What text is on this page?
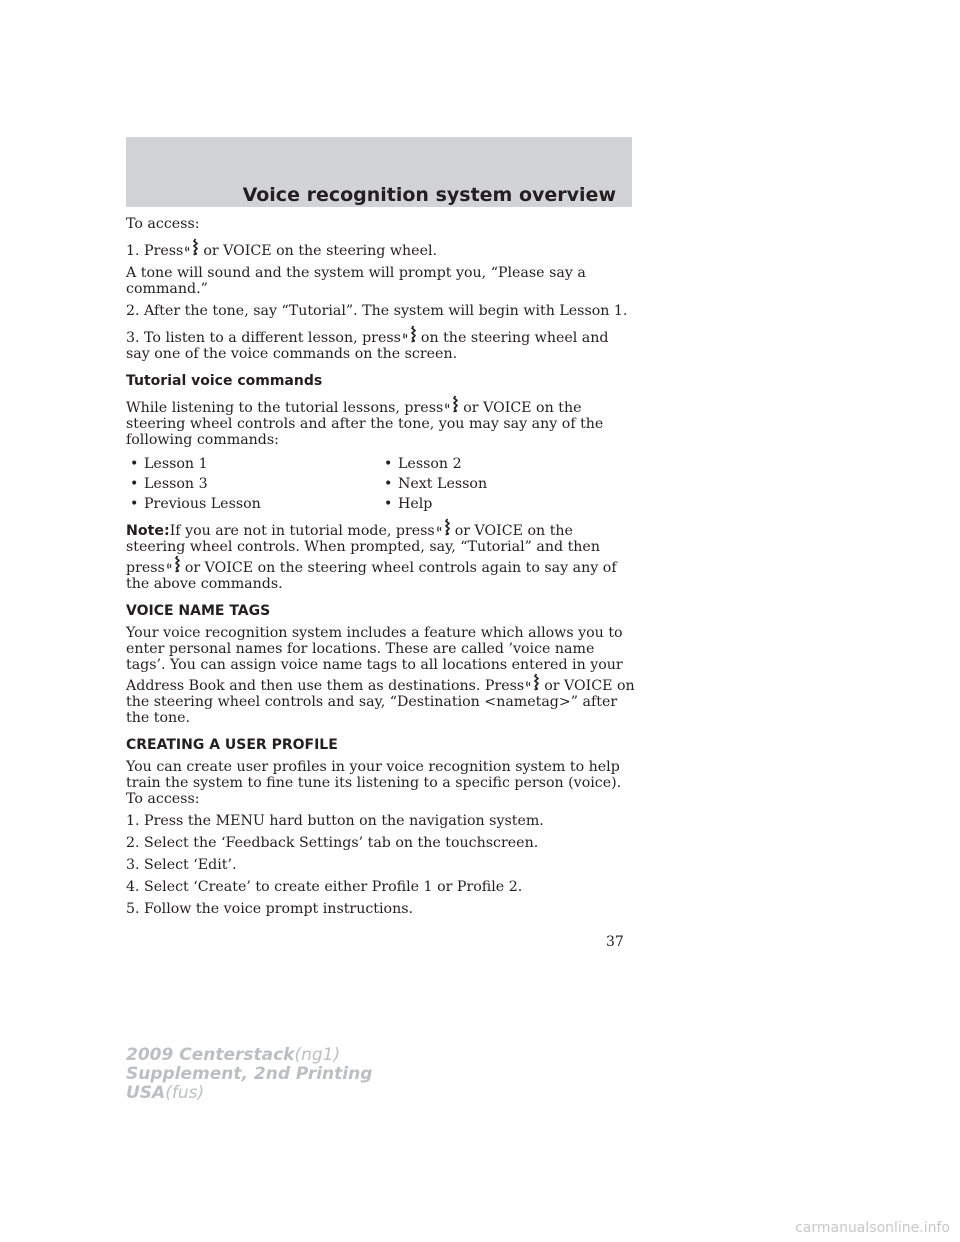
Voice recognition system overview

To access:

1. Press or VOICE on the steering wheel.

A tone will sound and the system will prompt you, “Please say a command.”

2. After the tone, say “Tutorial”. The system will begin with Lesson 1.

3. To listen to a different lesson, press on the steering wheel and say one of the voice commands on the screen.

Tutorial voice commands

While listening to the tutorial lessons, press or VOICE on the steering wheel controls and after the tone, you may say any of the following commands:

• Lesson 1	• Lesson 2
• Lesson 3	• Next Lesson
• Previous Lesson	• Help

Note:If you are not in tutorial mode, press or VOICE on the steering wheel controls. When prompted, say, “Tutorial” and then press or VOICE on the steering wheel controls again to say any of the above commands.

VOICE NAME TAGS

Your voice recognition system includes a feature which allows you to enter personal names for locations. These are called ’voice name tags’. You can assign voice name tags to all locations entered in your Address Book and then use them as destinations. Press or VOICE on the steering wheel controls and say, “Destination <nametag>” after the tone.

CREATING A USER PROFILE

You can create user profiles in your voice recognition system to help train the system to fine tune its listening to a specific person (voice). To access:

1. Press the MENU hard button on the navigation system.

2. Select the ‘Feedback Settings’ tab on the touchscreen.

3. Select ‘Edit’.

4. Select ‘Create’ to create either Profile 1 or Profile 2.

5. Follow the voice prompt instructions.

37
2009 Centerstack(ng1)
Supplement, 2nd Printing
USA(fus)
carmanualsonline.info
